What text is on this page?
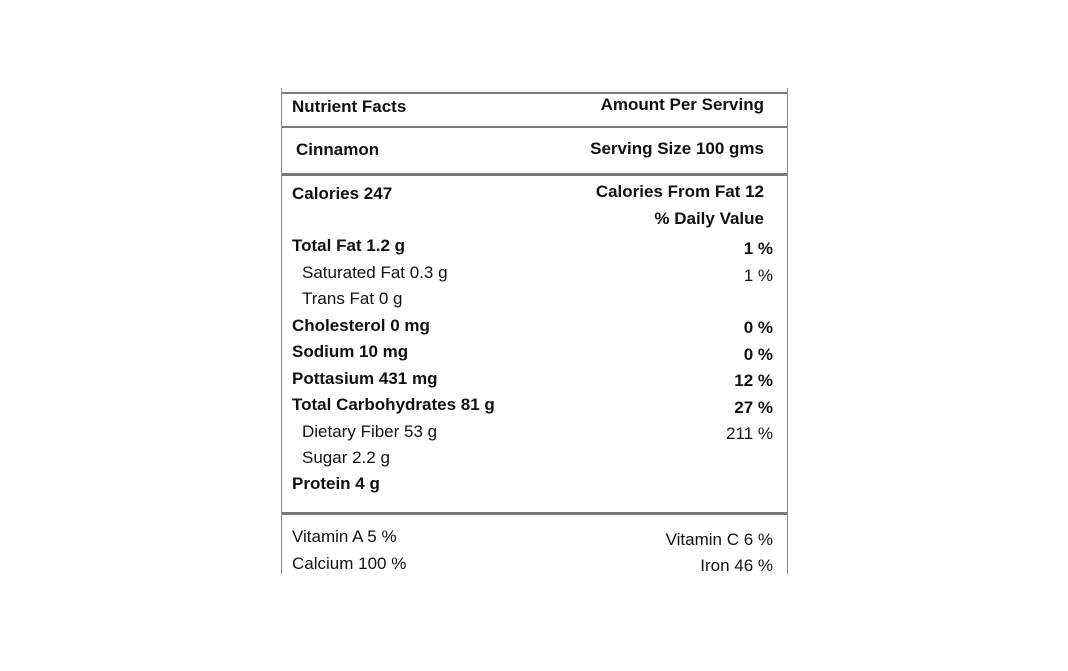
Nutrient Facts	Amount Per Serving
Cinnamon	Serving Size 100 gms
Calories 247	Calories From Fat 12
% Daily Value
Total Fat 1.2 g	1 %
Saturated Fat 0.3 g	1 %
Trans Fat 0 g
Cholesterol 0 mg	0 %
Sodium 10 mg	0 %
Pottasium 431 mg	12 %
Total Carbohydrates 81 g	27 %
Dietary Fiber 53 g	211 %
Sugar 2.2 g
Protein 4 g
Vitamin A 5 %	Vitamin C 6 %
Calcium 100 %	Iron 46 %
